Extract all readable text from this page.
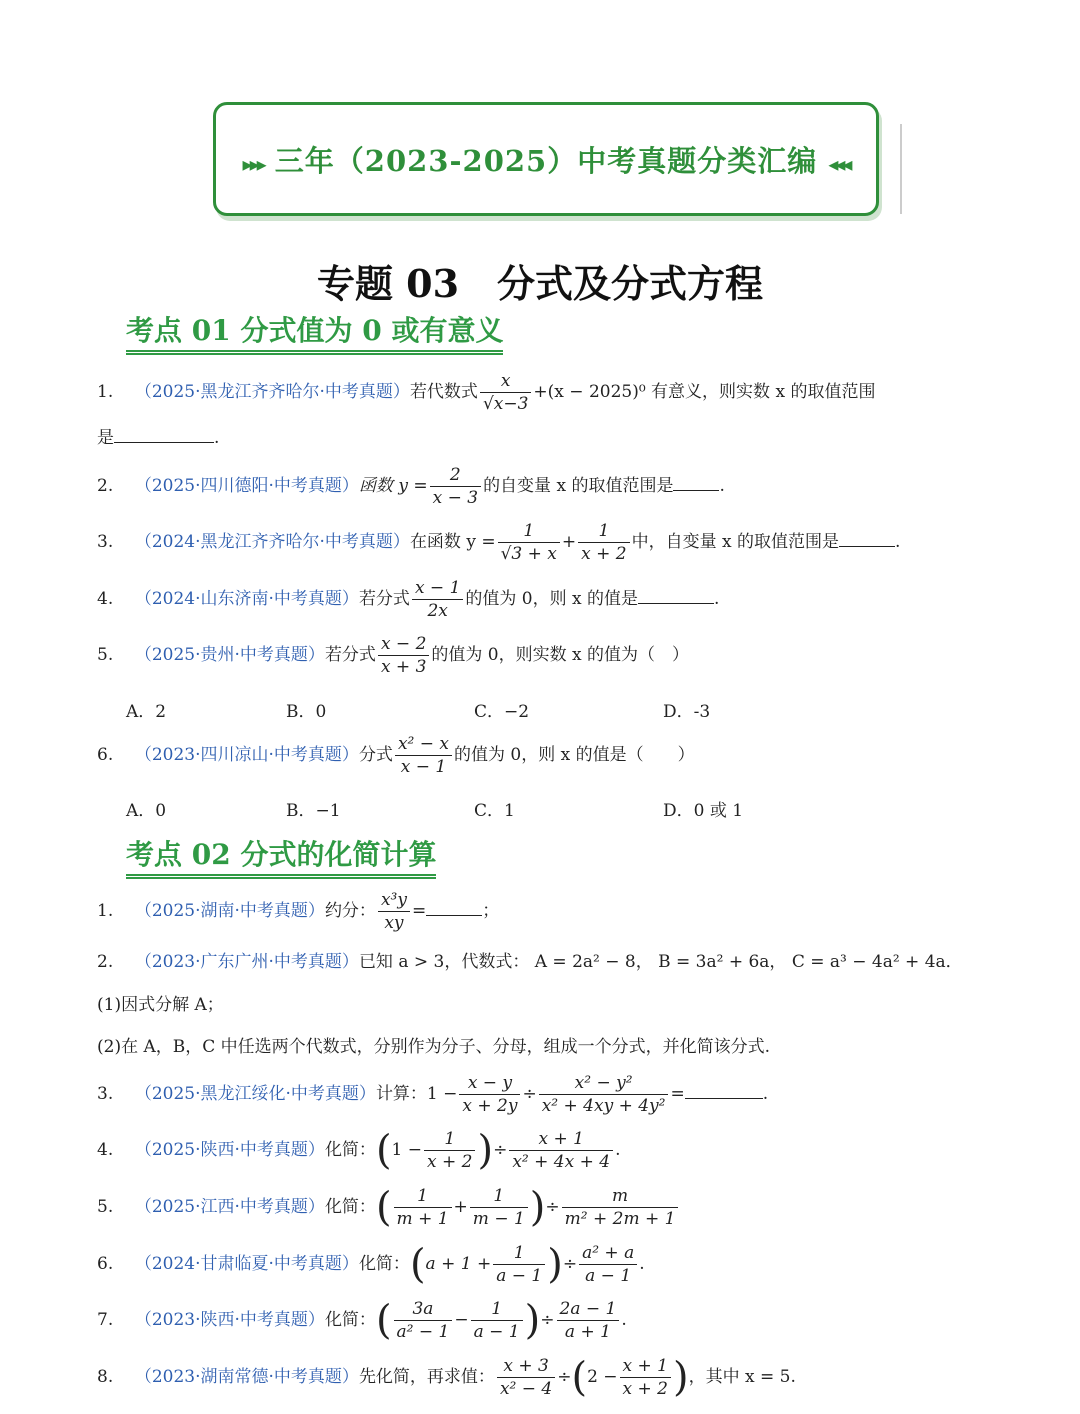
▸▸▸ 三年（2023-2025）中考真题分类汇编 ◂◂◂
专题 03　分式及分式方程
考点 01 分式值为 0 或有意义
1. （2025·黑龙江齐齐哈尔·中考真题）若代数式 $\frac{x}{√x-3} +(x - 2025)^0$ 有意义，则实数 x 的取值范围
是	.
2. （2025·四川德阳·中考真题）函数 $y = \frac{2}{x - 3}$ 的自变量 x 的取值范围是	.
3. （2024·黑龙江齐齐哈尔·中考真题）在函数 $y = \frac{1}{√3 + x} + \frac{1}{x + 2}$ 中，自变量 x 的取值范围是	.
4. （2024·山东济南·中考真题）若分式 $\frac{x - 1}{2x}$ 的值为 0，则 x 的值是	.
5. （2025·贵州·中考真题）若分式 $\frac{x - 2}{x + 3}$ 的值为 0，则实数 x 的值为（　）
A．2	B．0	C．−2	D．-3
6. （2023·四川凉山·中考真题）分式 $\frac{\text{x² − x}}{x - 1}$ 的值为 0，则 x 的值是（　　）
A．0	B．−1	C．1	D．0 或 1
考点 02 分式的化简计算
1. （2025·湖南·中考真题）约分： $\frac{\text{x³y}}{xy}$ =	；
2. （2023·广东广州·中考真题）已知 a > 3，代数式： A = 2a² − 8， B = 3a² + 6a， C = a³ − 4a² + 4a．
(1)因式分解 A；
(2)在 A，B，C 中任选两个代数式，分别作为分子、分母，组成一个分式，并化简该分式.
3. （2025·黑龙江绥化·中考真题）计算：$1 - \frac{x - y}{x + 2y} \div \frac{\text{x² − y²}}{\text{x² + 4xy + 4y²}}$ =	.
4. （2025·陕西·中考真题）化简：($1 - \frac{1}{x + 2}$ )÷ $\frac{x + 1}{\text{x² + 4x + 4}}$ .
5. （2025·江西·中考真题）化简：( $\frac{1}{m + 1} + \frac{1}{m - 1}$ )÷ $\frac{m}{\text{m² + 2m + 1}}$
6. （2024·甘肃临夏·中考真题）化简：($a + 1 + \frac{1}{a - 1}$ )÷ $\frac{\text{a² + a}}{a - 1}$ .
7. （2023·陕西·中考真题）化简：( $\frac{3a}{\text{a² − 1}} - \frac{1}{a - 1}$ )÷ $\frac{2a - 1}{a + 1}$ .
8. （2023·湖南常德·中考真题）先化简，再求值： $\frac{x + 3}{\text{x² − 4}} \div(2 - \frac{x + 1}{x + 2}$ )，其中 x = 5.
